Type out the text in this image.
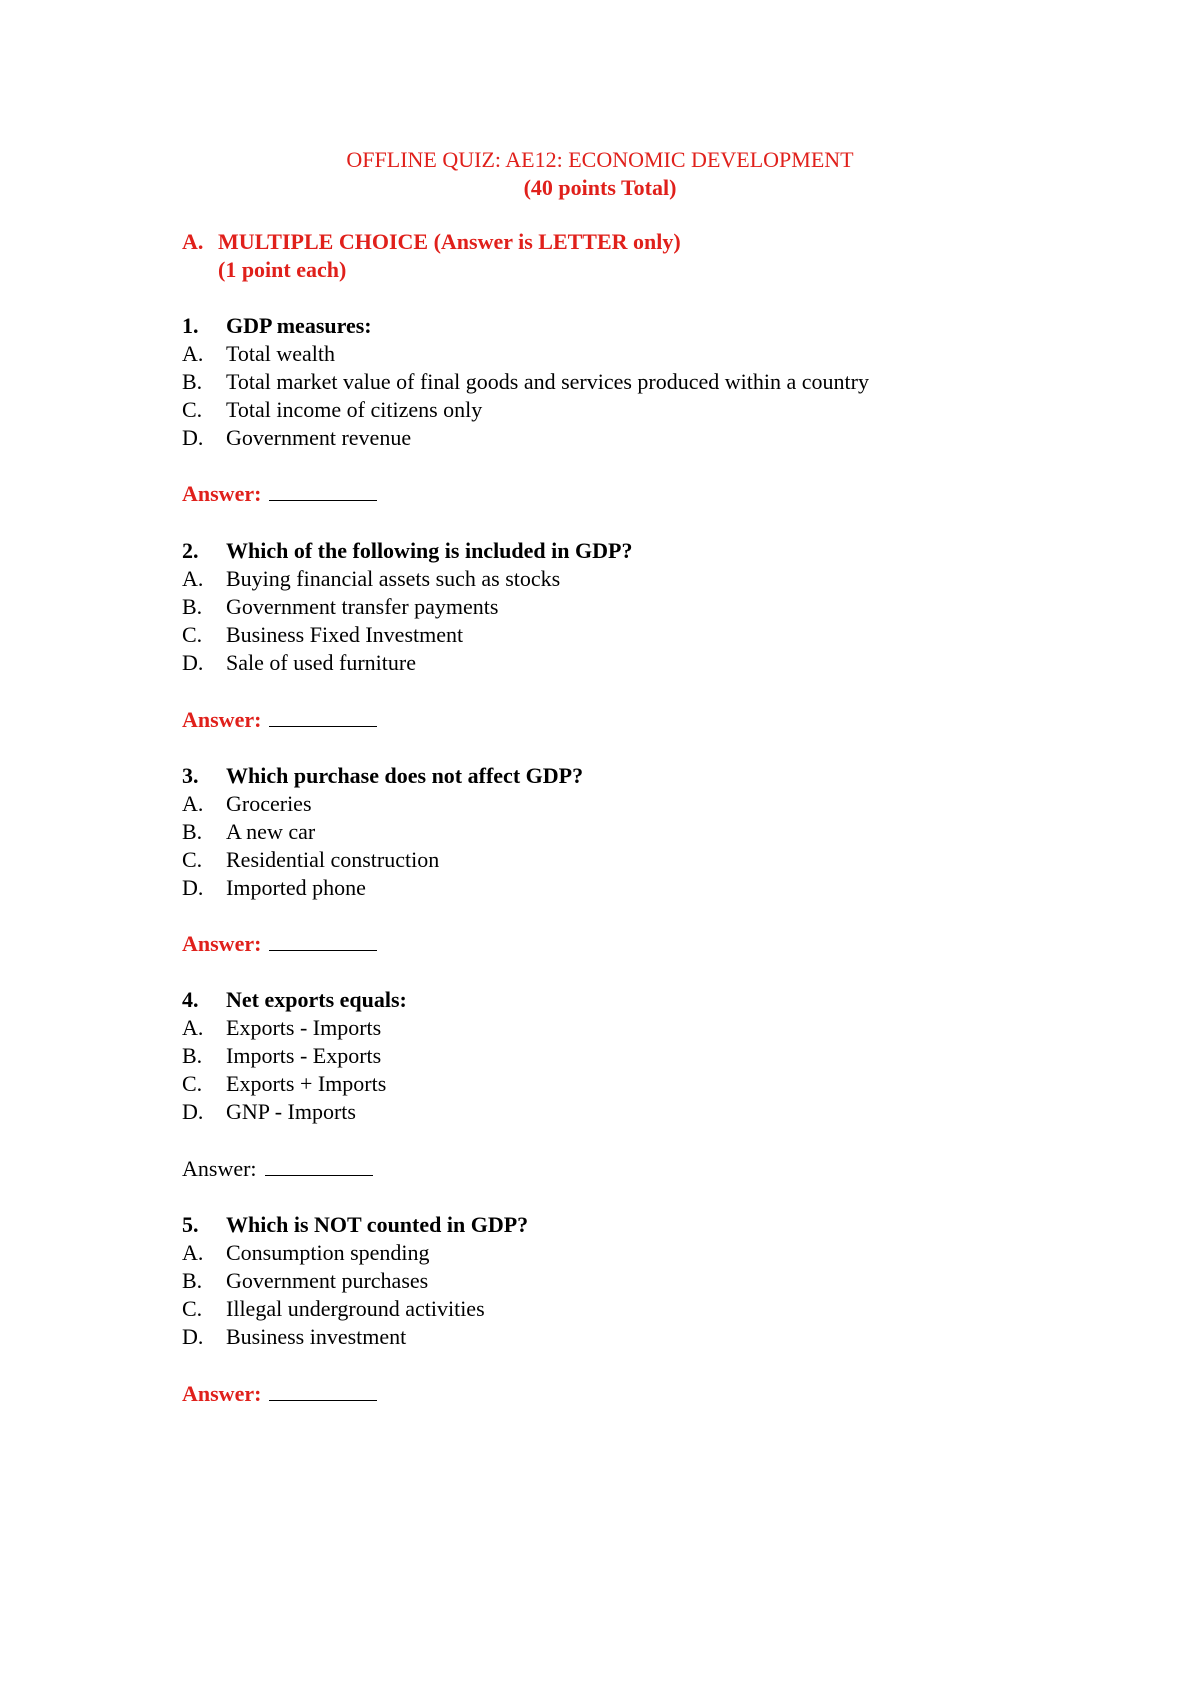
OFFLINE QUIZ: AE12: ECONOMIC DEVELOPMENT
(40 points Total)
A. MULTIPLE CHOICE (Answer is LETTER only)
(1 point each)
1. GDP measures:
A. Total wealth
B. Total market value of final goods and services produced within a country
C. Total income of citizens only
D. Government revenue
Answer:
2. Which of the following is included in GDP?
A. Buying financial assets such as stocks
B. Government transfer payments
C. Business Fixed Investment
D. Sale of used furniture
Answer:
3. Which purchase does not affect GDP?
A. Groceries
B. A new car
C. Residential construction
D. Imported phone
Answer:
4. Net exports equals:
A. Exports - Imports
B. Imports - Exports
C. Exports + Imports
D. GNP - Imports
Answer:
5. Which is NOT counted in GDP?
A. Consumption spending
B. Government purchases
C. Illegal underground activities
D. Business investment
Answer:
